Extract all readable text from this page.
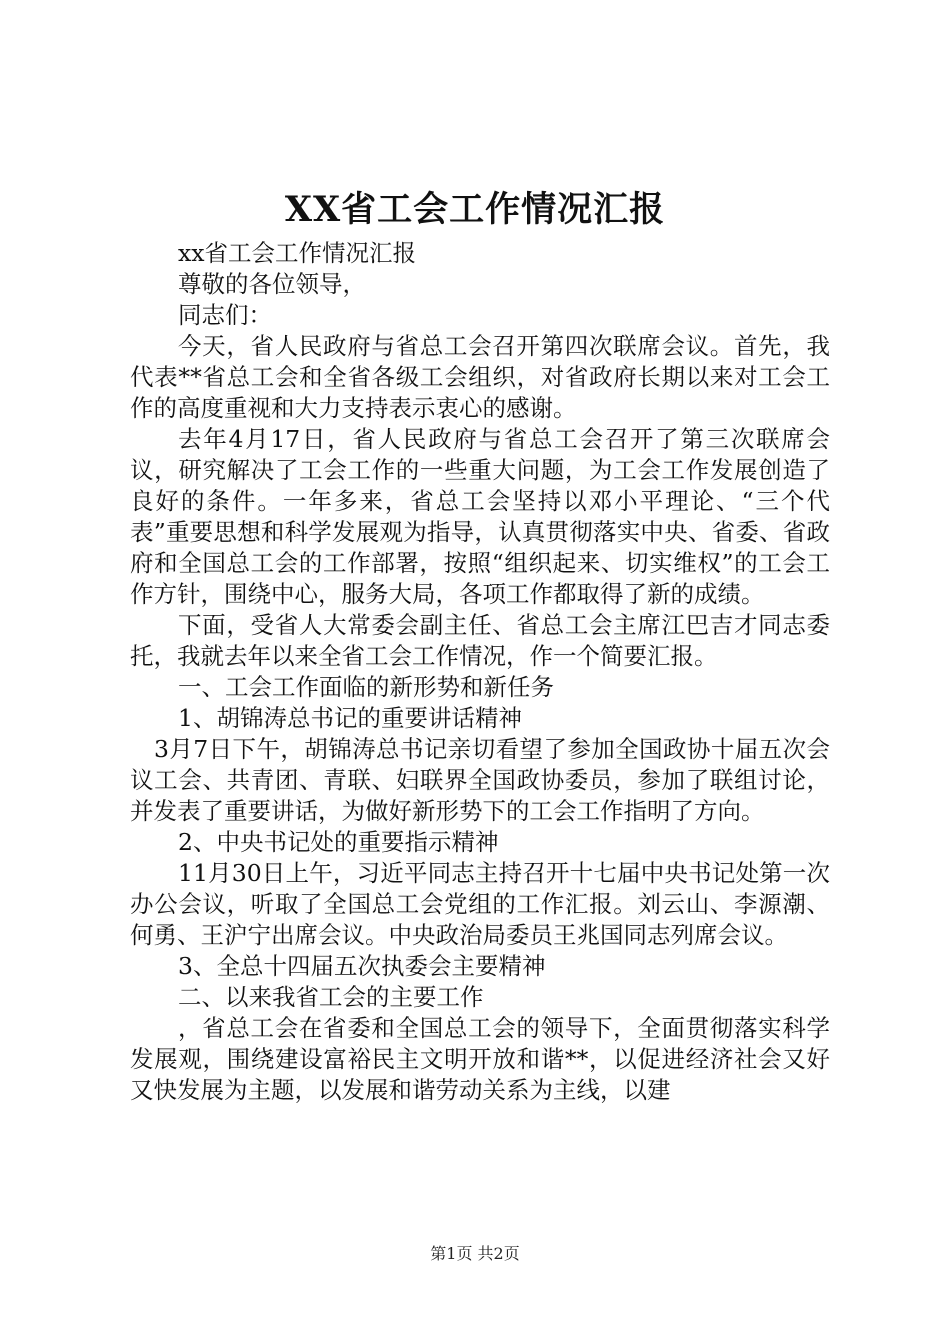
XX省工会工作情况汇报

xx省工会工作情况汇报

尊敬的各位领导，

同志们：

今天，省人民政府与省总工会召开第四次联席会议。首先，我代表**省总工会和全省各级工会组织，对省政府长期以来对工会工作的高度重视和大力支持表示衷心的感谢。

去年4月17日，省人民政府与省总工会召开了第三次联席会议，研究解决了工会工作的一些重大问题，为工会工作发展创造了良好的条件。一年多来，省总工会坚持以邓小平理论、“三个代表”重要思想和科学发展观为指导，认真贯彻落实中央、省委、省政府和全国总工会的工作部署，按照“组织起来、切实维权”的工会工作方针，围绕中心，服务大局，各项工作都取得了新的成绩。

下面，受省人大常委会副主任、省总工会主席江巴吉才同志委托，我就去年以来全省工会工作情况，作一个简要汇报。

一、工会工作面临的新形势和新任务

1、胡锦涛总书记的重要讲话精神

3月7日下午，胡锦涛总书记亲切看望了参加全国政协十届五次会议工会、共青团、青联、妇联界全国政协委员，参加了联组讨论，并发表了重要讲话，为做好新形势下的工会工作指明了方向。

2、中央书记处的重要指示精神

11月30日上午，习近平同志主持召开十七届中央书记处第一次办公会议，听取了全国总工会党组的工作汇报。刘云山、李源潮、何勇、王沪宁出席会议。中央政治局委员王兆国同志列席会议。

3、全总十四届五次执委会主要精神

二、以来我省工会的主要工作

，省总工会在省委和全国总工会的领导下，全面贯彻落实科学发展观，围绕建设富裕民主文明开放和谐**，以促进经济社会又好又快发展为主题，以发展和谐劳动关系为主线，以建

第1页 共2页
